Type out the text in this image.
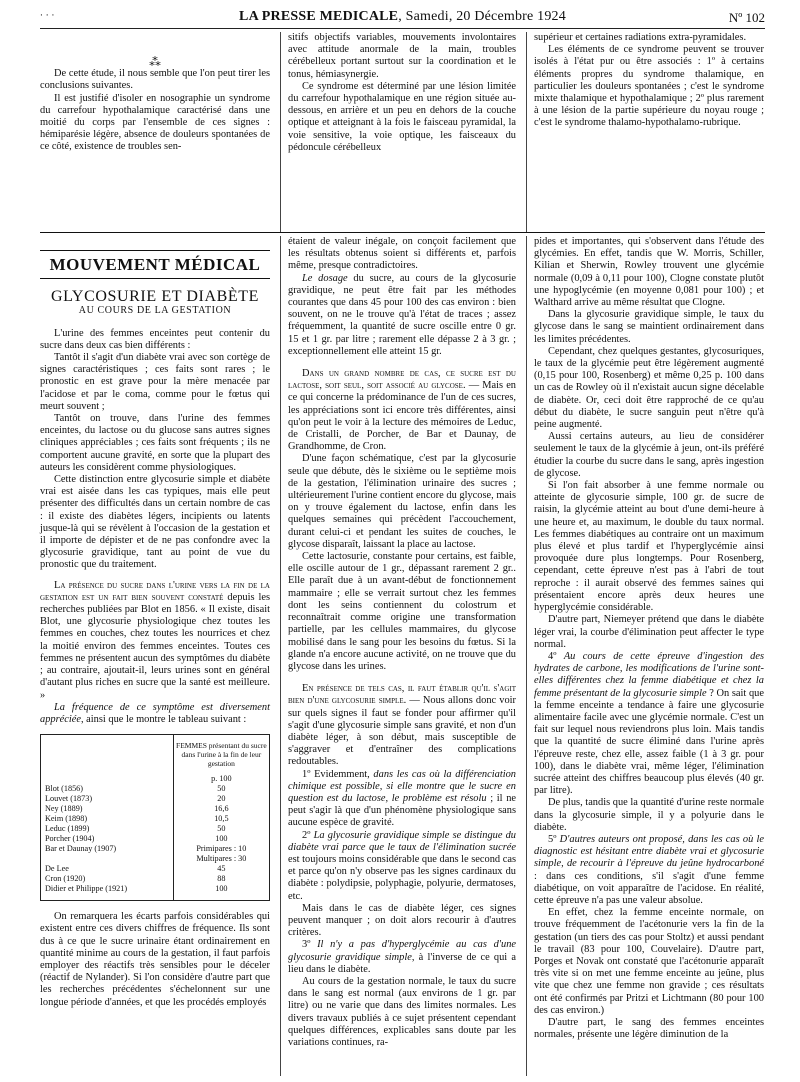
· · ·	LA PRESSE MEDICALE, Samedi, 20 Décembre 1924	Nº 102

⁂

De cette étude, il nous semble que l'on peut tirer les conclusions suivantes.

Il est justifié d'isoler en nosographie un syndrome du carrefour hypothalamique caractérisé dans une moitié du corps par l'ensemble de ces signes : hémiparésie légère, absence de douleurs spontanées de ce côté, existence de troubles sen-

sitifs objectifs variables, mouvements involontaires avec attitude anormale de la main, troubles cérébelleux portant surtout sur la coordination et le tonus, hémiasynergie.

Ce syndrome est déterminé par une lésion limitée du carrefour hypothalamique en une région située au-dessous, en arrière et un peu en dehors de la couche optique et atteignant à la fois le faisceau pyramidal, la voie sensitive, la voie optique, les faisceaux du pédoncule cérébelleux

supérieur et certaines radiations extra-pyramidales.

Les éléments de ce syndrome peuvent se trouver isolés à l'état pur ou être associés : 1º à certains éléments propres du syndrome thalamique, en particulier les douleurs spontanées ; c'est le syndrome mixte thalamique et hypothalamique ; 2º plus rarement à une lésion de la partie supérieure du noyau rouge ; c'est le syndrome thalamo-hypothalamo-rubrique.

MOUVEMENT MÉDICAL
GLYCOSURIE ET DIABÈTE
AU COURS DE LA GESTATION

L'urine des femmes enceintes peut contenir du sucre dans deux cas bien différents :

Tantôt il s'agit d'un diabète vrai avec son cortège de signes caractéristiques ; ces faits sont rares ; le pronostic en est grave pour la mère menacée par l'acidose et par le coma, comme pour le fœtus qui meurt souvent ;

Tantôt on trouve, dans l'urine des femmes enceintes, du lactose ou du glucose sans autres signes cliniques appréciables ; ces faits sont fréquents ; ils ne comportent aucune gravité, en sorte que la plupart des auteurs les considèrent comme physiologiques.

Cette distinction entre glycosurie simple et diabète vrai est aisée dans les cas typiques, mais elle peut présenter des difficultés dans un certain nombre de cas : il existe des diabètes légers, incipients ou latents jusque-là qui se révèlent à l'occasion de la gestation et il importe de dépister et de ne pas confondre avec la glycosurie gravidique, tant au point de vue du pronostic que du traitement.

La présence du sucre dans l'urine vers la fin de la gestation est un fait bien souvent constaté depuis les recherches publiées par Blot en 1856. « Il existe, disait Blot, une glycosurie physiologique chez toutes les femmes en couches, chez toutes les nourrices et chez la moitié environ des femmes enceintes. Toutes ces femmes ne présentent aucun des symptômes du diabète ; au contraire, ajoutait-il, leurs urines sont en général d'autant plus riches en sucre que la santé est meilleure. »

La fréquence de ce symptôme est diversement appréciée, ainsi que le montre le tableau suivant :

	FEMMES présentant du sucre dans l'urine à la fin de leur gestation
	p. 100
Blot (1856)	50
Louvet (1873)	20
Ney (1889)	16,6
Keim (1898)	10,5
Leduc (1899)	50
Porcher (1904)	100
Bar et Daunay (1907)	Primipares : 10 Multipares : 30
De Lee	45
Cron (1920)	88
Didier et Philippe (1921)	100

On remarquera les écarts parfois considérables qui existent entre ces divers chiffres de fréquence. Ils sont dus à ce que le sucre urinaire étant ordinairement en quantité minime au cours de la gestation, il faut parfois employer des réactifs très sensibles pour le déceler (réactif de Nylander). Si l'on considère d'autre part que les recherches précédentes s'échelonnent sur une longue période d'années, et que les procédés employés

étaient de valeur inégale, on conçoit facilement que les résultats obtenus soient si différents et, parfois même, presque contradictoires.

Le dosage du sucre, au cours de la glycosurie gravidique, ne peut être fait par les méthodes courantes que dans 45 pour 100 des cas environ : bien souvent, on ne le trouve qu'à l'état de traces ; assez fréquemment, la quantité de sucre oscille entre 0 gr. 15 et 1 gr. par litre ; rarement elle dépasse 2 à 3 gr. ; exceptionnellement elle atteint 15 gr.

Dans un grand nombre de cas, ce sucre est du lactose, soit seul, soit associé au glycose. — Mais en ce qui concerne la prédominance de l'un de ces sucres, les appréciations sont ici encore très différentes, ainsi qu'on peut le voir à la lecture des mémoires de Leduc, de Cristalli, de Porcher, de Bar et Daunay, de Grandhomme, de Cron.

D'une façon schématique, c'est par la glycosurie seule que débute, dès le sixième ou le septième mois de la gestation, l'élimination urinaire des sucres ; ultérieurement l'urine contient encore du glycose, mais on y trouve également du lactose, enfin dans les quelques semaines qui précèdent l'accouchement, durant celui-ci et pendant les suites de couches, le glycose disparaît, laissant la place au lactose.

Cette lactosurie, constante pour certains, est faible, elle oscille autour de 1 gr., dépassant rarement 2 gr.. Elle paraît due à un avant-début de fonctionnement mammaire ; elle se verrait surtout chez les femmes dont les seins contiennent du colostrum et reconnaîtrait comme origine une transformation partielle, par les cellules mammaires, du glycose mobilisé dans le sang pour les besoins du fœtus. Si la glande n'a encore aucune activité, on ne trouve que du glycose dans les urines.

En présence de tels cas, il faut établir qu'il s'agit bien d'une glycosurie simple. — Nous allons donc voir sur quels signes il faut se fonder pour affirmer qu'il s'agit d'une glycosurie simple sans gravité, et non d'un diabète léger, à son début, mais susceptible de s'aggraver et d'entraîner des complications redoutables.

1º Evidemment, dans les cas où la différenciation chimique est possible, si elle montre que le sucre en question est du lactose, le problème est résolu ; il ne peut s'agir là que d'un phénomène physiologique sans aucune espèce de gravité.

2º La glycosurie gravidique simple se distingue du diabète vrai parce que le taux de l'élimination sucrée est toujours moins considérable que dans le second cas et parce qu'on n'y observe pas les signes cardinaux du diabète : polydipsie, polyphagie, polyurie, dermatoses, etc.

Mais dans le cas de diabète léger, ces signes peuvent manquer ; on doit alors recourir à d'autres critères.

3º Il n'y a pas d'hyperglycémie au cas d'une glycosurie gravidique simple, à l'inverse de ce qui a lieu dans le diabète.

Au cours de la gestation normale, le taux du sucre dans le sang est normal (aux environs de 1 gr. par litre) ou ne varie que dans des limites normales. Les divers travaux publiés à ce sujet présentent cependant quelques différences, explicables sans doute par les variations continues, ra-

pides et importantes, qui s'observent dans l'étude des glycémies. En effet, tandis que W. Morris, Schiller, Kilian et Sherwin, Rowley trouvent une glycémie normale (0,09 à 0,11 pour 100), Clogne constate plutôt une hypoglycémie (en moyenne 0,081 pour 100) ; et Walthard arrive au même résultat que Clogne.

Dans la glycosurie gravidique simple, le taux du glycose dans le sang se maintient ordinairement dans les limites précédentes.

Cependant, chez quelques gestantes, glycosuriques, le taux de la glycémie peut être légèrement augmenté (0,15 pour 100, Rosenberg) et même 0,25 p. 100 dans un cas de Rowley où il n'existait aucun signe décelable de diabète. Or, ceci doit être rapproché de ce qu'au début du diabète, le sucre sanguin peut n'être qu'à peine augmenté.

Aussi certains auteurs, au lieu de considérer seulement le taux de la glycémie à jeun, ont-ils préféré étudier la courbe du sucre dans le sang, après ingestion de glycose.

Si l'on fait absorber à une femme normale ou atteinte de glycosurie simple, 100 gr. de sucre de raisin, la glycémie atteint au bout d'une demi-heure à une heure et, au maximum, le double du taux normal. Les femmes diabétiques au contraire ont un maximum plus élevé et plus tardif et l'hyperglycémie ainsi provoquée dure plus longtemps. Pour Rosenberg, cependant, cette épreuve n'est pas à l'abri de tout reproche : il aurait observé des femmes saines qui présentaient encore après deux heures une hyperglycémie considérable.

D'autre part, Niemeyer prétend que dans le diabète léger vrai, la courbe d'élimination peut affecter le type normal.

4º Au cours de cette épreuve d'ingestion des hydrates de carbone, les modifications de l'urine sont-elles différentes chez la femme diabétique et chez la femme présentant de la glycosurie simple ? On sait que la femme enceinte a tendance à faire une glycosurie alimentaire facile avec une glycémie normale. C'est un fait sur lequel nous reviendrons plus loin. Mais tandis que la quantité de sucre éliminé dans l'urine après l'épreuve reste, chez elle, assez faible (1 à 3 gr. pour 100), dans le diabète vrai, même léger, l'élimination sucrée atteint des chiffres beaucoup plus élevés (40 gr. par litre).

De plus, tandis que la quantité d'urine reste normale dans la glycosurie simple, il y a polyurie dans le diabète.

5º D'autres auteurs ont proposé, dans les cas où le diagnostic est hésitant entre diabète vrai et glycosurie simple, de recourir à l'épreuve du jeûne hydrocarboné : dans ces conditions, s'il s'agit d'une femme diabétique, on voit apparaître de l'acidose. En réalité, cette épreuve n'a pas une valeur absolue.

En effet, chez la femme enceinte normale, on trouve fréquemment de l'acétonurie vers la fin de la gestation (un tiers des cas pour Stoltz) et aussi pendant le travail (83 pour 100, Couvelaire). D'autre part, Porges et Novak ont constaté que l'acétonurie apparaît très vite si on met une femme enceinte au jeûne, plus vite que chez une femme non gravide ; ces résultats ont été confirmés par Pritzi et Lichtmann (80 pour 100 des cas environ.)

D'autre part, le sang des femmes enceintes normales, présente une légère diminution de la
